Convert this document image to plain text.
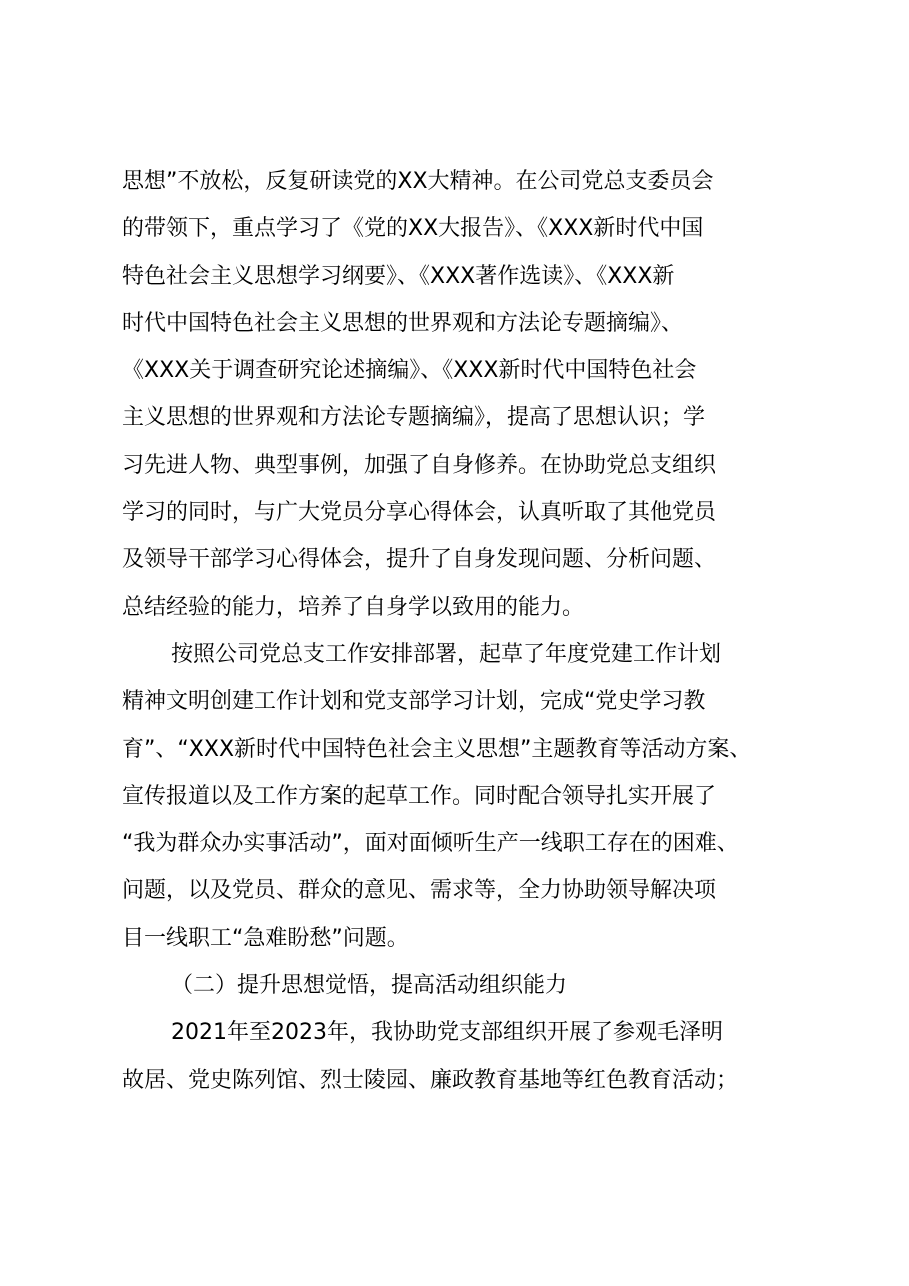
思想”不放松，反复研读党的XX大精神。在公司党总支委员会
的带领下，重点学习了《党的XX大报告》、《XXX新时代中国
特色社会主义思想学习纲要》、《XXX著作选读》、《XXX新
时代中国特色社会主义思想的世界观和方法论专题摘编》、
《XXX关于调查研究论述摘编》、《XXX新时代中国特色社会
主义思想的世界观和方法论专题摘编》，提高了思想认识；学
习先进人物、典型事例，加强了自身修养。在协助党总支组织
学习的同时，与广大党员分享心得体会，认真听取了其他党员
及领导干部学习心得体会，提升了自身发现问题、分析问题、
总结经验的能力，培养了自身学以致用的能力。
按照公司党总支工作安排部署，起草了年度党建工作计划
精神文明创建工作计划和党支部学习计划，完成“党史学习教
育”、“XXX新时代中国特色社会主义思想”主题教育等活动方案、
宣传报道以及工作方案的起草工作。同时配合领导扎实开展了
“我为群众办实事活动”，面对面倾听生产一线职工存在的困难、
问题，以及党员、群众的意见、需求等，全力协助领导解决项
目一线职工“急难盼愁”问题。
（二）提升思想觉悟，提高活动组织能力
2021年至2023年，我协助党支部组织开展了参观毛泽明
故居、党史陈列馆、烈士陵园、廉政教育基地等红色教育活动；
